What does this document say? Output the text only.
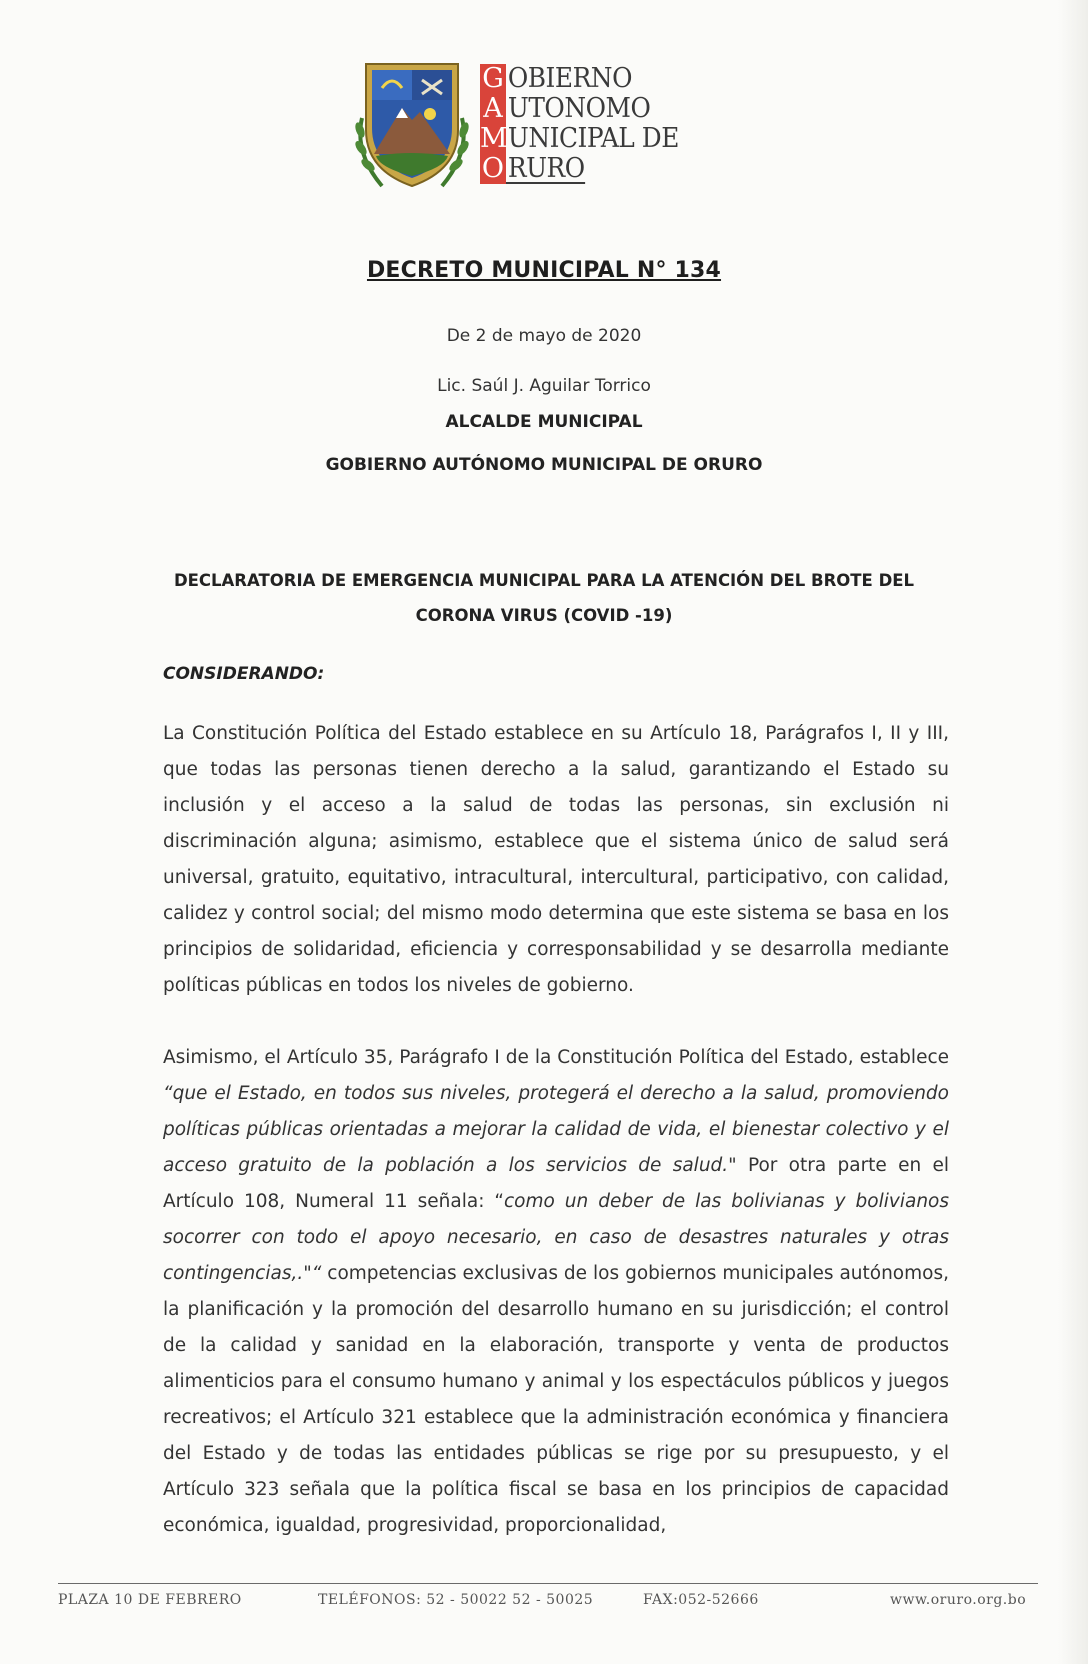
G OBIERNO
A UTONOMO
M UNICIPAL DE
O RURO
DECRETO MUNICIPAL N° 134
De 2 de mayo de 2020
Lic. Saúl J. Aguilar Torrico
ALCALDE MUNICIPAL
GOBIERNO AUTÓNOMO MUNICIPAL DE ORURO
DECLARATORIA DE EMERGENCIA MUNICIPAL PARA LA ATENCIÓN DEL BROTE DEL
CORONA VIRUS (COVID -19)
CONSIDERANDO:

La Constitución Política del Estado establece en su Artículo 18, Parágrafos I, II y III, que todas las personas tienen derecho a la salud, garantizando el Estado su inclusión y el acceso a la salud de todas las personas, sin exclusión ni discriminación alguna; asimismo, establece que el sistema único de salud será universal, gratuito, equitativo, intracultural, intercultural, participativo, con calidad, calidez y control social; del mismo modo determina que este sistema se basa en los principios de solidaridad, eficiencia y corresponsabilidad y se desarrolla mediante políticas públicas en todos los niveles de gobierno.

Asimismo, el Artículo 35, Parágrafo I de la Constitución Política del Estado, establece “que el Estado, en todos sus niveles, protegerá el derecho a la salud, promoviendo políticas públicas orientadas a mejorar la calidad de vida, el bienestar colectivo y el acceso gratuito de la población a los servicios de salud." Por otra parte en el Artículo 108, Numeral 11 señala: “como un deber de las bolivianas y bolivianos socorrer con todo el apoyo necesario, en caso de desastres naturales y otras contingencias,."“ competencias exclusivas de los gobiernos municipales autónomos, la planificación y la promoción del desarrollo humano en su jurisdicción; el control de la calidad y sanidad en la elaboración, transporte y venta de productos alimenticios para el consumo humano y animal y los espectáculos públicos y juegos recreativos; el Artículo 321 establece que la administración económica y financiera del Estado y de todas las entidades públicas se rige por su presupuesto, y el Artículo 323 señala que la política fiscal se basa en los principios de capacidad económica, igualdad, progresividad, proporcionalidad,

PLAZA 10 DE FEBRERO	TELÉFONOS: 52 - 50022 52 - 50025	FAX:052-52666	www.oruro.org.bo
